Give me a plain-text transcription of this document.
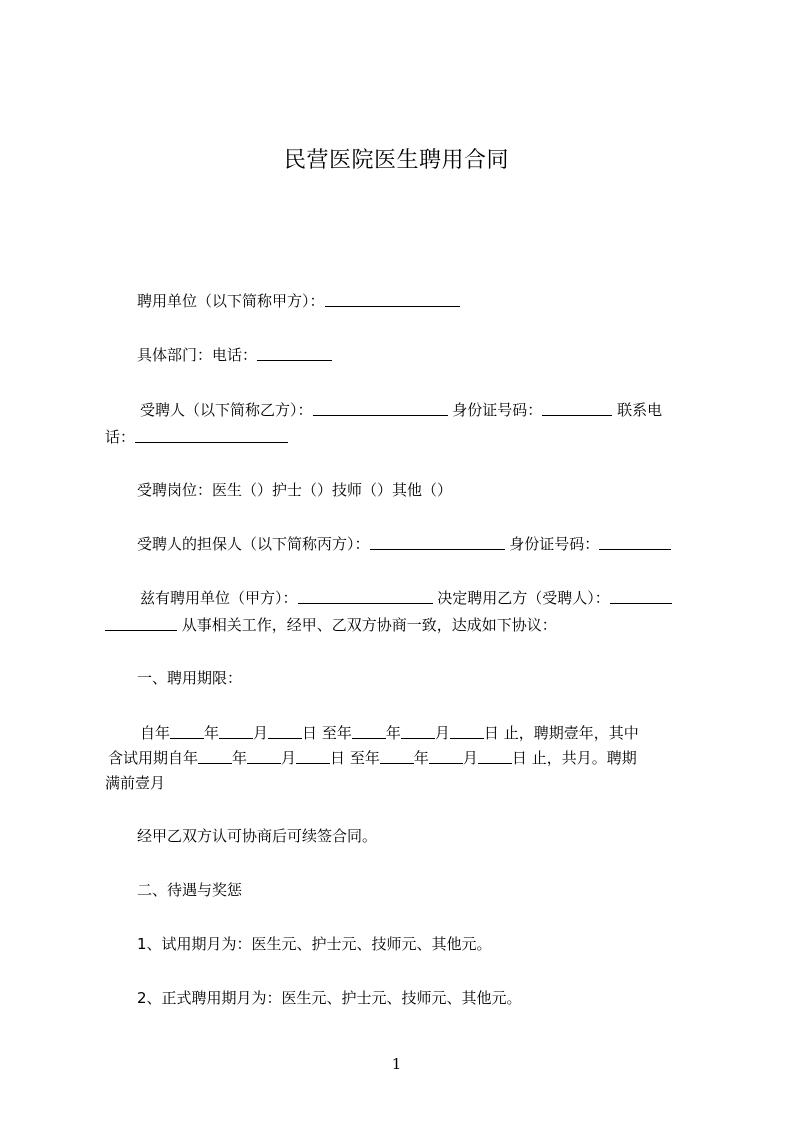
民营医院医生聘用合同
聘用单位（以下简称甲方）：
具体部门：电话：
受聘人（以下简称乙方）：	身份证号码：	联系电
话：
受聘岗位：医生（）护士（）技师（）其他（）
受聘人的担保人（以下简称丙方）：	身份证号码：
兹有聘用单位（甲方）：	决定聘用乙方（受聘人）：
从事相关工作，经甲、乙双方协商一致，达成如下协议：
一、聘用期限：
自年 年 月 日 至年 年 月 日 止，聘期壹年，其中
含试用期自年 年 月 日 至年 年 月 日 止，共月。聘期
满前壹月
经甲乙双方认可协商后可续签合同。
二、待遇与奖惩
1、试用期月为：医生元、护士元、技师元、其他元。
2、正式聘用期月为：医生元、护士元、技师元、其他元。
1
